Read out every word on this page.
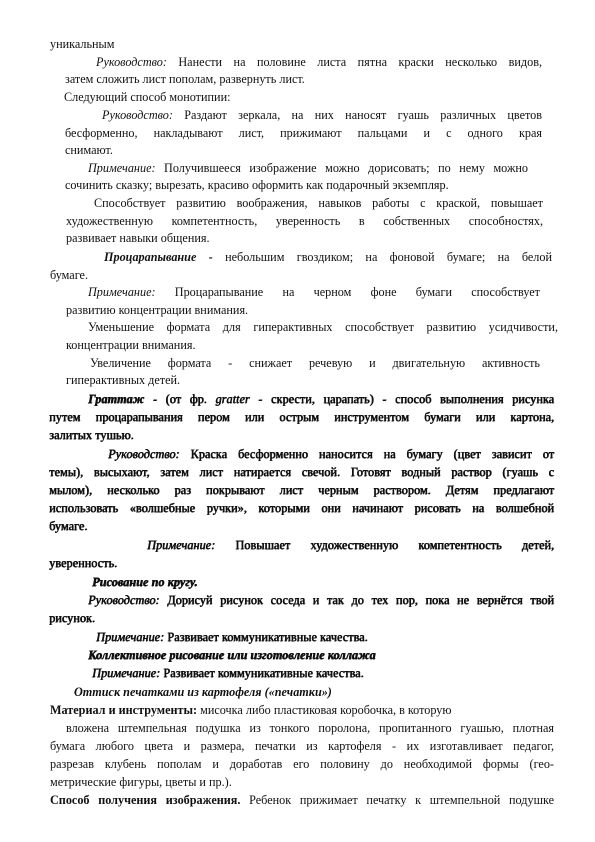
уникальным
Руководство: Нанести на половине листа пятна краски несколько видов,
затем сложить лист пополам, развернуть лист.
Следующий способ монотипии:
Руководство: Раздают зеркала, на них наносят гуашь различных цветов
бесформенно, накладывают лист, прижимают пальцами и с одного края
снимают.
Примечание: Получившееся изображение можно дорисовать; по нему можно
сочинить сказку; вырезать, красиво оформить как подарочный экземпляр.
Способствует развитию воображения, навыков работы с краской, повышает
художественную компетентность, уверенность в собственных способностях,
развивает навыки общения.
Процарапывание - небольшим гвоздиком; на фоновой бумаге; на белой
бумаге.
Примечание: Процарапывание на черном фоне бумаги способствует
развитию концентрации внимания.
Уменьшение формата для гиперактивных способствует развитию усидчивости,
концентрации внимания.
Увеличение формата - снижает речевую и двигательную активность
гиперактивных детей.
Граттаж - (от фр. gratter - скрести, царапать) - способ выполнения рисунка
путем процарапывания пером или острым инструментом бумаги или картона,
залитых тушью.
Руководство: Краска бесформенно наносится на бумагу (цвет зависит от
темы), высыхают, затем лист натирается свечой. Готовят водный раствор (гуашь с
мылом), несколько раз покрывают лист черным раствором. Детям предлагают
использовать «волшебные ручки», которыми они начинают рисовать на волшебной
бумаге.
Примечание: Повышает художественную компетентность детей,
уверенность.
Рисование по кругу.
Руководство: Дорисуй рисунок соседа и так до тех пор, пока не вернётся твой
рисунок.
Примечание: Развивает коммуникативные качества.
Коллективное рисование или изготовление коллажа
Примечание: Развивает коммуникативные качества.
Оттиск печатками из картофеля («печатки»)
Материал и инструменты: мисочка либо пластиковая коробочка, в которую
вложена штемпельная подушка из тонкого поролона, пропитанного гуашью, плотная
бумага любого цвета и размера, печатки из картофеля - их изготавливает педагог,
разрезав клубень пополам и доработав его половину до необходимой формы (гео-
метрические фигуры, цветы и пр.).
Способ получения изображения. Ребенок прижимает печатку к штемпельной подушке
